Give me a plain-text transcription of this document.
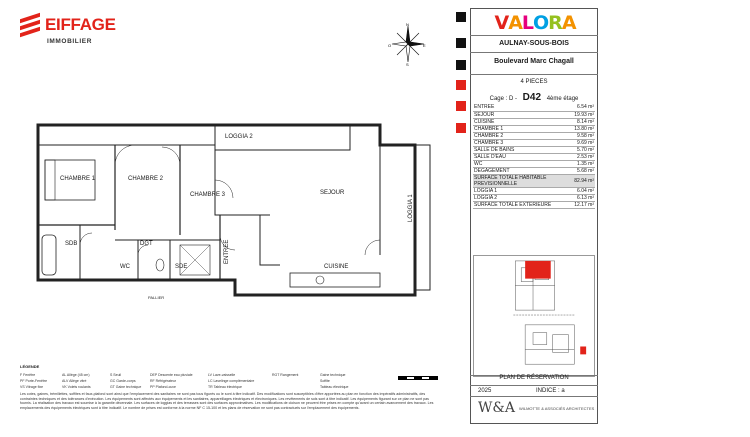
EIFFAGE
IMMOBILIER
N
E
O
S
VALORA
AULNAY-SOUS-BOIS
Boulevard Marc Chagall
4 PIECES
Cage : D - D42 4ème étage
ENTREE	6.54 m²
SEJOUR	19.93 m²
CUISINE	8.14 m²
CHAMBRE 1	13.80 m²
CHAMBRE 2	9.58 m²
CHAMBRE 3	9.69 m²
SALLE DE BAINS	5.70 m²
SALLE D'EAU	2.53 m²
WC	1.35 m²
DEGAGEMENT	5.68 m²
SURFACE TOTALE HABITABLE PREVISIONNELLE	82.94 m²
LOGGIA 1	6.04 m²
LOGGIA 2	6.13 m²
SURFACE TOTALE EXTERIEURE	12.17 m²

PLAN DE RÉSERVATION
2025	INDICE : a
W&A WILMOTTE & ASSOCIÉS ARCHITECTES
CHAMBRE 1	CHAMBRE 2
CHAMBRE 3	SEJOUR
LOGGIA 2
LOGGIA 1
SDB	DGT
WC	SDE
ENTREE
CUISINE
PALLIER
LÉGENDE
F Fenêtre
PF Porte-Fenêtre
VS Vitrage fixe
AL Allège (45 cm)
ALV Allège vitré
VK Volets roulants
S Seuil
GC Garde-corps
GT Gaine technique
DEP Descente eau pluviale
RF Réfrigérateur
PP Plafond-cuve
LV Lave-vaisselle
LC Lavelinge complémentaire
TR Tableau électrique
RGT Rangement	Gaine technique
Soffite
Tableau électrique
Les cotes, gaines, trémillettes, soffites et faux-plafond sont ainsi que l'emplacement des sanitaires ne sont pas tous figurés ou le sont à titre indicatif. Des modifications sont susceptibles d'être apportées au plan en fonction des impératifs administratifs, des contraintes techniques et des tolérances d'exécution. Les équipements sont affectés aux équipements et les sanitaires, appareillages électriques et électroniques. Les revêtements de sols sont à titre indicatif. Les équipements figurant sur ce plan ne sont pas fournis. La réalisation des travaux est soumise à la garantie décennale. Les surfaces de loggias et des terrasses sont des surfaces approximatives. Les modifications de cloison ne peuvent être prises en compte qu'avant un certain avancement des travaux. Les emplacements des équipements électriques sont à titre indicatif. Le nombre de prises est conforme à la norme NF C 15-100 et les plans de réservation ne sont pas contractuels sur l'emplacement des équipements.
